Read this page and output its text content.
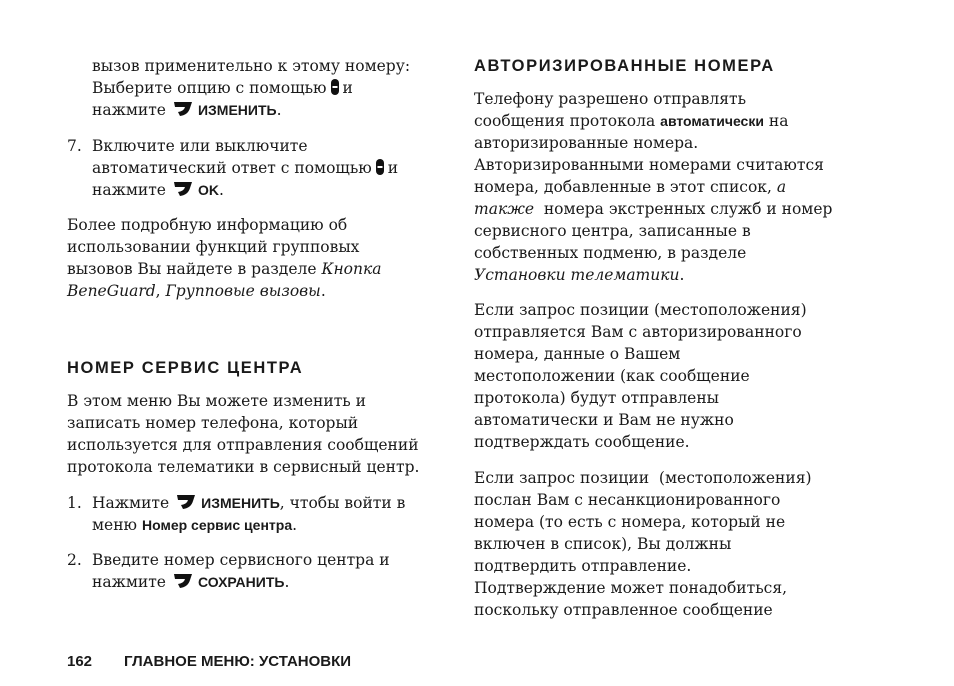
вызов применительно к этому номеру:

Выберите опцию с помощью и

нажмите ИЗМЕНИТЬ.

7. Включите или выключите

автоматический ответ с помощью и

нажмите OK.

Более подробную информацию об

использовании функций групповых

вызовов Вы найдете в разделе Кнопка

BeneGuard, Групповые вызовы.

НОМЕР СЕРВИС ЦЕНТРА

В этом меню Вы можете изменить и

записать номер телефона, который

используется для отправления сообщений

протокола телематики в сервисный центр.

1. Нажмите ИЗМЕНИТЬ, чтобы войти в

меню Номер сервис центра.

2. Введите номер сервисного центра и

нажмите СОХРАНИТЬ.

АВТОРИЗИРОВАННЫЕ НОМЕРА

Телефону разрешено отправлять

сообщения протокола автоматически на

авторизированные номера.

Авторизированными номерами считаются

номера, добавленные в этот список, а

также  номера экстренных служб и номер

сервисного центра, записанные в

собственных подменю, в разделе

Установки телематики.

Если запрос позиции (местоположения)

отправляется Вам с авторизированного

номера, данные о Вашем

местоположении (как сообщение

протокола) будут отправлены

автоматически и Вам не нужно

подтверждать сообщение.

Если запрос позиции  (местоположения)

послан Вам с несанкционированного

номера (то есть с номера, который не

включен в список), Вы должны

подтвердить отправление.

Подтверждение может понадобиться,

поскольку отправленное сообщение

162 ГЛАВНОЕ МЕНЮ: УСТАНОВКИ
